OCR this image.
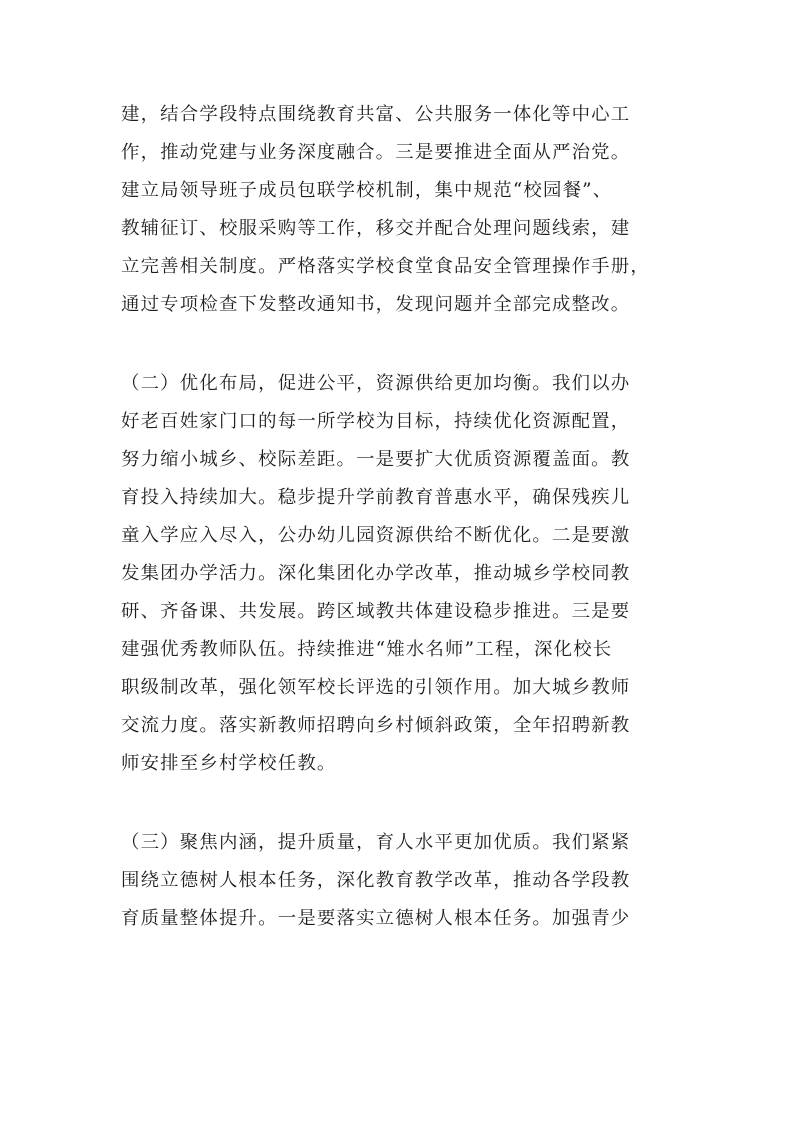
建，结合学段特点围绕教育共富、公共服务一体化等中心工
作，推动党建与业务深度融合。三是要推进全面从严治党。
建立局领导班子成员包联学校机制，集中规范“校园餐”、
教辅征订、校服采购等工作，移交并配合处理问题线索，建
立完善相关制度。严格落实学校食堂食品安全管理操作手册，
通过专项检查下发整改通知书，发现问题并全部完成整改。
（二）优化布局，促进公平，资源供给更加均衡。我们以办
好老百姓家门口的每一所学校为目标，持续优化资源配置，
努力缩小城乡、校际差距。一是要扩大优质资源覆盖面。教
育投入持续加大。稳步提升学前教育普惠水平，确保残疾儿
童入学应入尽入，公办幼儿园资源供给不断优化。二是要激
发集团办学活力。深化集团化办学改革，推动城乡学校同教
研、齐备课、共发展。跨区域教共体建设稳步推进。三是要
建强优秀教师队伍。持续推进“雉水名师”工程，深化校长
职级制改革，强化领军校长评选的引领作用。加大城乡教师
交流力度。落实新教师招聘向乡村倾斜政策，全年招聘新教
师安排至乡村学校任教。
（三）聚焦内涵，提升质量，育人水平更加优质。我们紧紧
围绕立德树人根本任务，深化教育教学改革，推动各学段教
育质量整体提升。一是要落实立德树人根本任务。加强青少
